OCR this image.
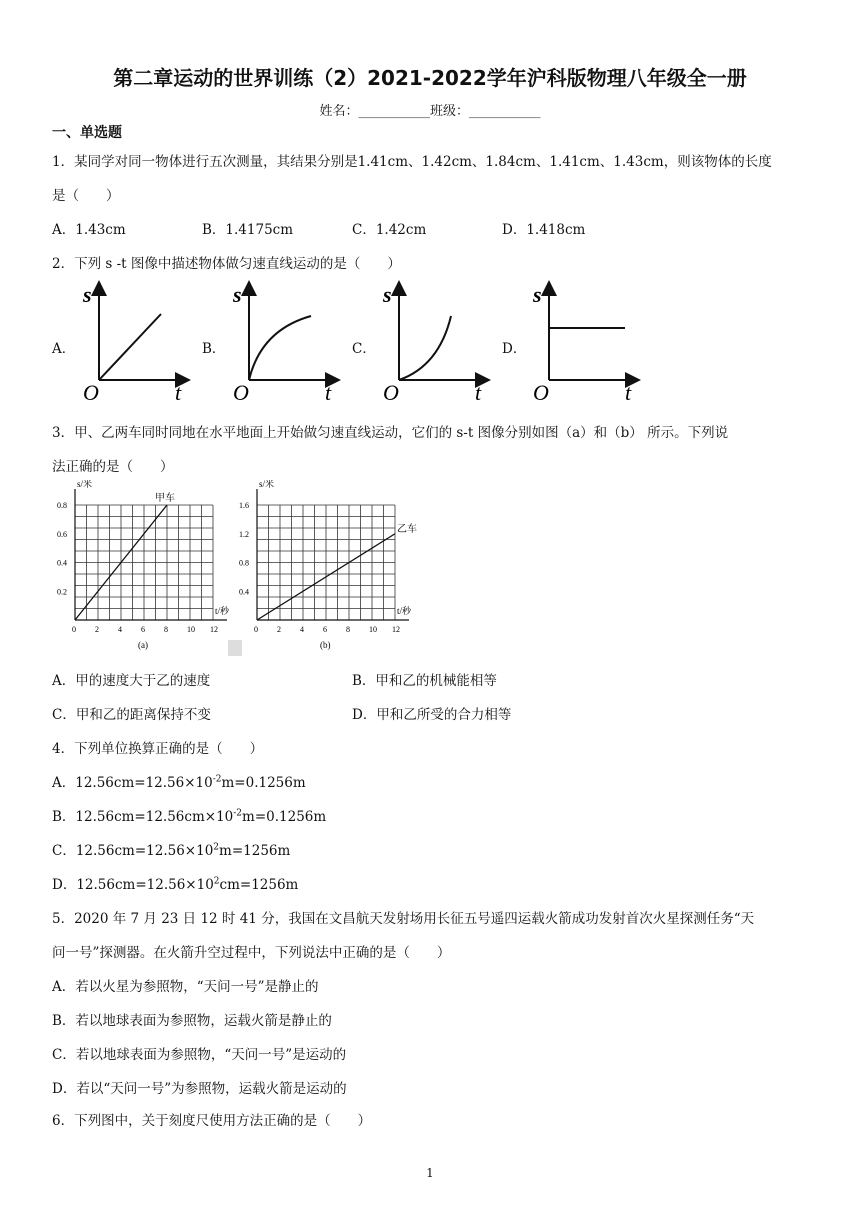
第二章运动的世界训练（2）2021-2022学年沪科版物理八年级全一册
姓名：___________班级：___________
一、单选题
1．某同学对同一物体进行五次测量，其结果分别是1.41cm、1.42cm、1.84cm、1.41cm、1.43cm，则该物体的长度
是（　　）
A．1.43cm	B．1.4175cm	C．1.42cm	D．1.418cm
2．下列 s -t 图像中描述物体做匀速直线运动的是（　　）
A．	B．	C．	D．
s
O	t
s
O	t
s
O	t
s
O	t
3．甲、乙两车同时同地在水平地面上开始做匀速直线运动，它们的 s-t 图像分别如图（a）和（b） 所示。下列说
法正确的是（　　）
0 2 4 6 8 10 12
0.2
0.4
0.6
0.8
s/米
t/秒
甲车
(a)
0 2 4 6 8 10 12
0.4
0.8
1.2
1.6
s/米
t/秒
乙车
(b)
A．甲的速度大于乙的速度	B．甲和乙的机械能相等
C．甲和乙的距离保持不变	D．甲和乙所受的合力相等
4．下列单位换算正确的是（　　）
A．$12.56cm=12.56\times 10^{-2}m=0.1256m$
B．$12.56cm=12.56cm\times 10^{-2}m=0.1256m$
C．$12.56cm=12.56\times 10^2m=1256m$
D．$12.56cm=12.56\times 10^2cm=1256m$
5．2020 年 7 月 23 日 12 时 41 分，我国在文昌航天发射场用长征五号遥四运载火箭成功发射首次火星探测任务“天
问一号”探测器。在火箭升空过程中，下列说法中正确的是（　　）
A．若以火星为参照物，“天问一号”是静止的
B．若以地球表面为参照物，运载火箭是静止的
C．若以地球表面为参照物，“天问一号”是运动的
D．若以“天问一号”为参照物，运载火箭是运动的
6．下列图中，关于刻度尺使用方法正确的是（　　）
1
